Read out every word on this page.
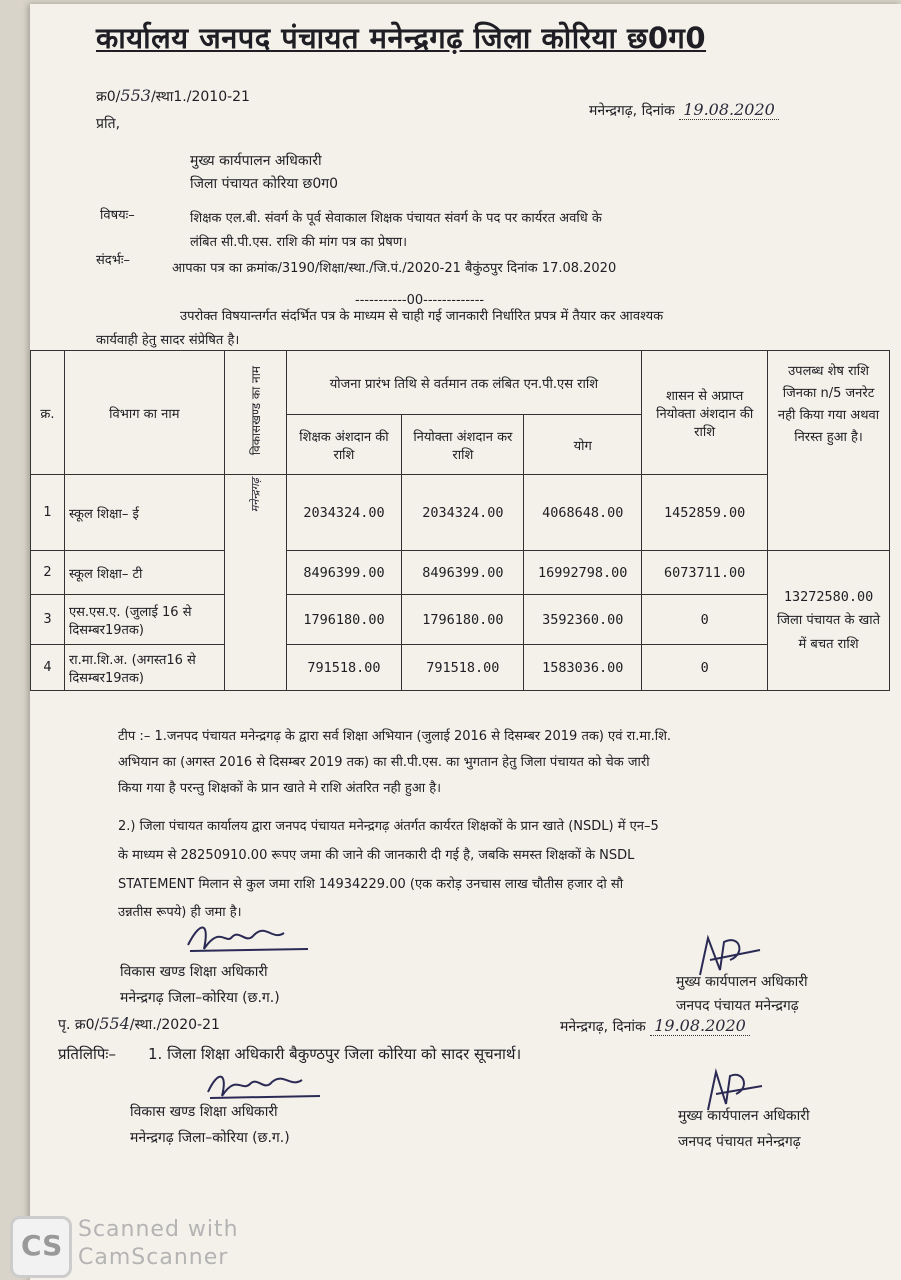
कार्यालय जनपद पंचायत मनेन्द्रगढ़ जिला कोरिया छ0ग0
क्र0/553/स्था1./2010-21
मनेन्द्रगढ़, दिनांक 19.08.2020
प्रति,
मुख्य कार्यपालन अधिकारी
जिला पंचायत कोरिया छ0ग0
विषयः–	शिक्षक एल.बी. संवर्ग के पूर्व सेवाकाल शिक्षक पंचायत संवर्ग के पद पर कार्यरत अवधि के
लंबित सी.पी.एस. राशि की मांग पत्र का प्रेषण।
संदर्भः–
आपका पत्र का क्रमांक/3190/शिक्षा/स्था./जि.पं./2020-21 बैकुंठपुर दिनांक 17.08.2020
-----------00-------------
उपरोक्त विषयान्तर्गत संदर्भित पत्र के माध्यम से चाही गई जानकारी निर्धारित प्रपत्र में तैयार कर आवश्यक
कार्यवाही हेतु सादर संप्रेषित है।
क्र.	विभाग का नाम	विकासखण्ड का नाम	योजना प्रारंभ तिथि से वर्तमान तक लंबित एन.पी.एस राशि			शासन से अप्राप्त नियोक्ता अंशदान की राशि	उपलब्ध शेष राशि जिनका n/5 जनरेट नही किया गया अथवा निरस्त हुआ है।
			शिक्षक अंशदान की राशि	नियोक्ता अंशदान कर राशि	योग		
1	स्कूल शिक्षा– ई	मनेन्द्रगढ़	2034324.00	2034324.00	4068648.00	1452859.00	
2	स्कूल शिक्षा– टी		8496399.00	8496399.00	16992798.00	6073711.00	13272580.00
जिला पंचायत के खाते में बचत राशि

3	एस.एस.ए. (जुलाई 16 से दिसम्बर19तक)		1796180.00	1796180.00	3592360.00	0	
4	रा.मा.शि.अ. (अगस्त16 से दिसम्बर19तक)		791518.00	791518.00	1583036.00	0	
टीप :– 1.जनपद पंचायत मनेन्द्रगढ़ के द्वारा सर्व शिक्षा अभियान (जुलाई 2016 से दिसम्बर 2019 तक) एवं रा.मा.शि.
अभियान का (अगस्त 2016 से दिसम्बर 2019 तक) का सी.पी.एस. का भुगतान हेतु जिला पंचायत को चेक जारी
किया गया है परन्तु शिक्षकों के प्रान खाते मे राशि अंतरित नही हुआ है।
2.) जिला पंचायत कार्यालय द्वारा जनपद पंचायत मनेन्द्रगढ़ अंतर्गत कार्यरत शिक्षकों के प्रान खाते (NSDL) में एन–5
के माध्यम से 28250910.00 रूपए जमा की जाने की जानकारी दी गई है, जबकि समस्त शिक्षकों के NSDL
STATEMENT मिलान से कुल जमा राशि 14934229.00 (एक करोड़ उनचास लाख चौतीस हजार दो सौ
उन्नतीस रूपये) ही जमा है।
विकास खण्ड शिक्षा अधिकारी
मनेन्द्रगढ़ जिला–कोरिया (छ.ग.)
मुख्य कार्यपालन अधिकारी
जनपद पंचायत मनेन्द्रगढ़
पृ. क्र0/554/स्था./2020-21	मनेन्द्रगढ़, दिनांक 19.08.2020
प्रतिलिपिः– 1. जिला शिक्षा अधिकारी बैकुण्ठपुर जिला कोरिया को सादर सूचनार्थ।
विकास खण्ड शिक्षा अधिकारी
मनेन्द्रगढ़ जिला–कोरिया (छ.ग.)
मुख्य कार्यपालन अधिकारी
जनपद पंचायत मनेन्द्रगढ़
CS Scanned with
CamScanner
